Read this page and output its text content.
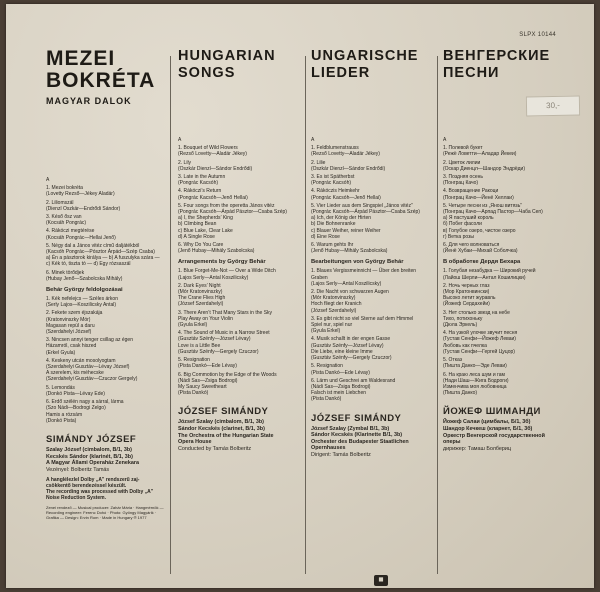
SLPX 10144
30,-
MEZEI
BOKRÉTA
MAGYAR DALOK
A
1. Mezei bokréta
(Lovetty Rezső—Jékey Aladár)
2. Liliomszál
(Dienzl Oszkár—Endrődi Sándor)
3. Késő ősz van
(Kocsáh Pongrác)
4. Rákóczi megtérése
(Kocsáh Pongrác—Hellai Jenő)
5. Négy dal a János vitéz című daljátékból
(Kacsóh Pongrác—Pósztor Árpád—Szép Csaba)
a) Én a pásztorok királya — b) A fuszulyka szára —
c) Kék tó, tiszta tó — d) Egy rózsaszál
6. Minek törődjek
(Hubay Jenő—Szabolcska Mihály)
Behár György feldolgozásai
1. Kék nefelejcs — Széles árkon
(Serly Lajos—Koszilicsky Antal)
2. Fekete szem éjszakája
(Kratonvinszky Mór)
Magasan repül a daru
(Szerdahelyi József)
3. Nincsen annyi tenger csillag az égen
Házamról, csak hiszed
(Erkel Gyula)
4. Keskeny utcán mosolyogtam
(Szerdahelyi Gusztáv—Lévay József)
A szerelem, kis méhecske
(Szerdahelyi Gusztáv—Czuczor Gergely)
5. Lemondás
(Donkó Pista—Lévay Ede)
6. Erdő szélén nagy a sárral, lárma
(Szo Nádi—Bodrogi Zelgo)
Hamis a rózsám
(Donkó Pista)
SIMÁNDY JÓZSEF
Szalay József (cimbalom, B/1, 3b)
Kecskés Sándor (klarinét, B/1, 3b)
A Magyar Állami Operaház Zenekara
Vezényel: Bolberitz Tamás
A hanglélezlel Dolby „A” rendszerű zaj-
csökkentő berendezéssel készült.
The recording was processed with Dolby „A”
Noise Reduction System.
Zenei rendező — Musical producer: Zahár Mária · Hangmérnök — Recording engineer: Ferenc Dohó · Photo: Gyöngy Magyárik · Grafika — Design: Ervin Rom · Made in Hungary ℗ 1977
HUNGARIAN
SONGS
A
1. Bouquet of Wild Flowers
(Rezső Lovetty—Aladár Jékey)
2. Lily
(Oszkár Dienzl—Sándor Endrődi)
3. Late in the Autumn
(Pongrác Kacsóh)
4. Rákóczi’s Return
(Pongrác Kacsóh—Jenő Hellai)
5. Four songs from the operetta János vitéz
(Pongrác Kacsóh—Árpád Pásztor—Csaba Szép)
a) I, the Shepherds’ King
b) Climbing Bean
c) Blue Lake, Clear Lake
d) A Single Rose
6. Why Do You Care
(Jenő Hubay—Mihály Szabolcska)
Arrangements by György Behár
1. Blue Forget-Me-Not — Over a Wide Ditch
(Lajos Serly—Antal Koszilicsky)
2. Dark Eyes’ Night
(Mór Kratonvinszky)
The Crane Flies High
(József Szerdahelyi)
3. There Aren’t That Many Stars in the Sky
Play Away on Your Violin
(Gyula Erkel)
4. The Sound of Music in a Narrow Street
(Gusztáv Szénfy—József Lévay)
Love is a Little Bee
(Gusztáv Szénfy—Gergely Czuczor)
5. Resignation
(Pista Dankó—Ede Lévay)
6. Big Commotion by the Edge of the Woods
(Nádi Sas—Zsiga Bodrogi)
My Saucy Sweetheart
(Pista Dankó)
JÓZSEF SIMÁNDY
József Szalay (cimbalom, B/1, 3b)
Sándor Kecskés (clarinet, B/1, 3b)
The Orchestra of the Hungarian State
Opera House
Conducted by Tamás Bolberitz
UNGARISCHE
LIEDER
A
1. Feldblumenstrauss
(Rezső Lovetty—Aladár Jékey)
2. Lilie
(Oszkár Dienzl—Sándor Endrődi)
3. Es ist Spätherbst
(Pongrác Kacsóh)
4. Rákóczis Heimkehr
(Pongrác Kacsóh—Jenő Hellai)
5. Vier Lieder aus dem Singspiel „János vitéz”
(Pongrác Kacsóh—Árpád Pásztor—Csaba Szép)
a) Ich, der König der Hirten
b) Die Bohnenranke
c) Blauer Weiher, reiner Weiher
d) Eine Rose
6. Warum gehts Ihr
(Jenő Hubay—Mihály Szabolcska)
Bearbeitungen von György Behár
1. Blaues Vergissmeinnicht — Über den breiten
Graben
(Lajos Serly—Antal Koszilicsky)
2. Die Nacht von schwarzen Augen
(Mór Kratonvinszky)
Hoch fliegt der Kranich
(József Szerdahelyi)
3. Es gibt nicht so viel Sterne auf dem Himmel
Spiel nur, spiel nur
(Gyula Erkel)
4. Musik schallt in der engen Gasse
(Gusztáv Szénfy—József Lévay)
Die Liebe, eine kleine Imme
(Gusztáv Szénfy—Gergely Czuczor)
5. Resignation
(Pista Dankó—Ede Lévay)
6. Lärm und Geschrei am Waldesrand
(Nádi Sas—Zsiga Bodrogi)
Falsch ist mein Liebchen
(Pista Dankó)
JÓZSEF SIMÁNDY
József Szalay (Zymbal B/1, 3b)
Sándor Kecskés (Klarinette B/1, 3b)
Orchester des Budapester Staatlichen
Opernhauses
Dirigent: Tamás Bolberitz
ВЕНГЕРСКИЕ
ПЕСНИ
A
1. Полевой букет
(Режё Ловетти—Аладар Йекеи)
2. Цветок лилии
(Оскар Диенцл—Шандор Эндрёди)
3. Поздняя осень
(Понграц Качо)
4. Возвращение Ракоци
(Понграц Качо—Йенё Хеллаи)
5. Четыре песни из „Янош витязь”
(Понграц Качо—Арпад Пастор—Чаба Сеп)
а) Я пастуший король
б) Побег фасоли
в) Голубое озеро, чистое озеро
г) Ветка розы
6. Для чего волноваться
(Йенё Хубаи—Михай Соболчка)
В обработке Дердя Бехара
1. Голубая незабудка — Широкий ручей
(Лайош Шерли—Антал Кошилицки)
2. Ночь черных глаз
(Мор Кратонвински)
Высоко летит журавль
(Йожеф Сердахейи)
3. Нет столько звезд на небе
Тихо, потихоньку
(Дюла Эркель)
4. На узкой улочке звучит песня
(Густав Сенфи—Йожеф Леваи)
Любовь как пчелка
(Густав Сенфи—Гергей Цуцор)
5. Отказ
(Пишта Данко—Эде Леваи)
6. На краю леса шум и гам
(Нади Шаш—Жига Бодроги)
Изменчива моя любовница
(Пишта Данко)
ЙОЖЕФ ШИМАНДИ
Йожеф Салаи (цимбалы, Б/1, 3б)
Шандор Кечкеш (кларнет, Б/1, 3б)
Оркестр Венгерской государственной
оперы
дирижер: Тамаш Болбериц
◼
